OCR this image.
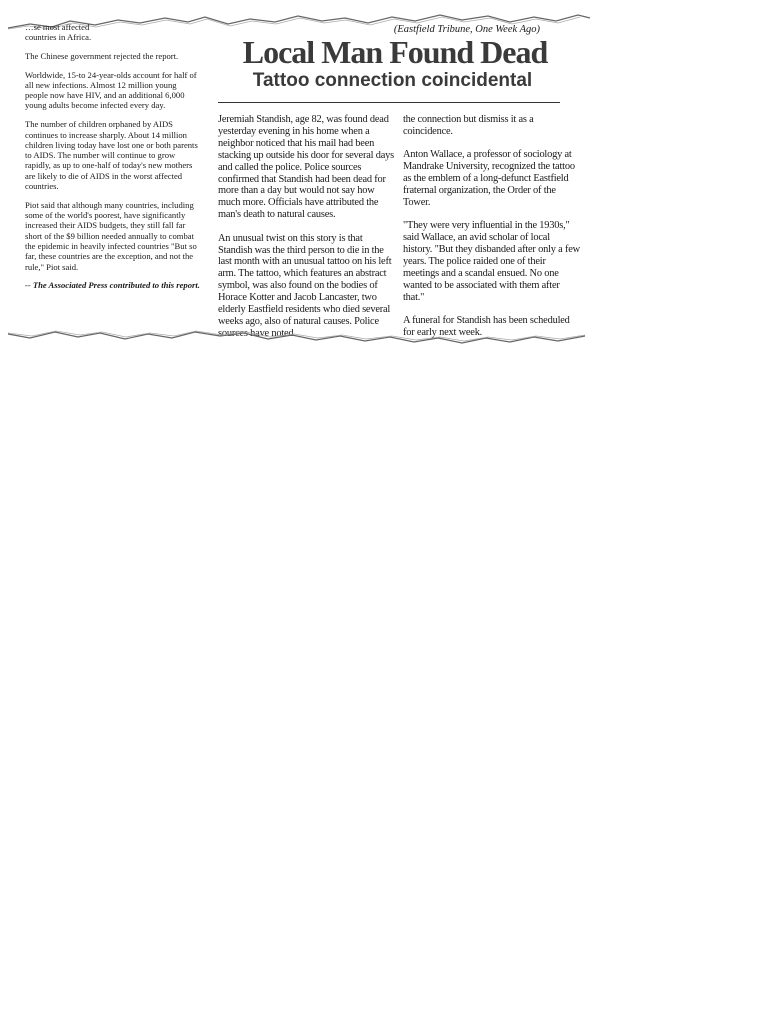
…se most affected

countries in Africa.

The Chinese government rejected the report.

Worldwide, 15-to 24-year-olds account for half of all new infections. Almost 12 million young people now have HIV, and an additional 6,000 young adults become infected every day.

The number of children orphaned by AIDS continues to increase sharply. About 14 million children living today have lost one or both parents to AIDS. The number will continue to grow rapidly, as up to one-half of today's new mothers are likely to die of AIDS in the worst affected countries.

Piot said that although many countries, including some of the world's poorest, have significantly increased their AIDS budgets, they still fall far short of the $9 billion needed annually to combat the epidemic in heavily infected countries "But so far, these countries are the exception, and not the rule," Piot said.

-- The Associated Press contributed to this report.

(Eastfield Tribune, One Week Ago)
Local Man Found Dead
Tattoo connection coincidental

Jeremiah Standish, age 82, was found dead yesterday evening in his home when a neighbor noticed that his mail had been stacking up outside his door for several days and called the police. Police sources confirmed that Standish had been dead for more than a day but would not say how much more. Officials have attributed the man's death to natural causes.

An unusual twist on this story is that Standish was the third person to die in the last month with an unusual tattoo on his left arm. The tattoo, which features an abstract symbol, was also found on the bodies of Horace Kotter and Jacob Lancaster, two elderly Eastfield residents who died several weeks ago, also of natural causes. Police sources have noted

the connection but dismiss it as a coincidence.

Anton Wallace, a professor of sociology at Mandrake University, recognized the tattoo as the emblem of a long-defunct Eastfield fraternal organization, the Order of the Tower.

"They were very influential in the 1930s," said Wallace, an avid scholar of local history. "But they disbanded after only a few years. The police raided one of their meetings and a scandal ensued. No one wanted to be associated with them after that."

A funeral for Standish has been scheduled for early next week.
